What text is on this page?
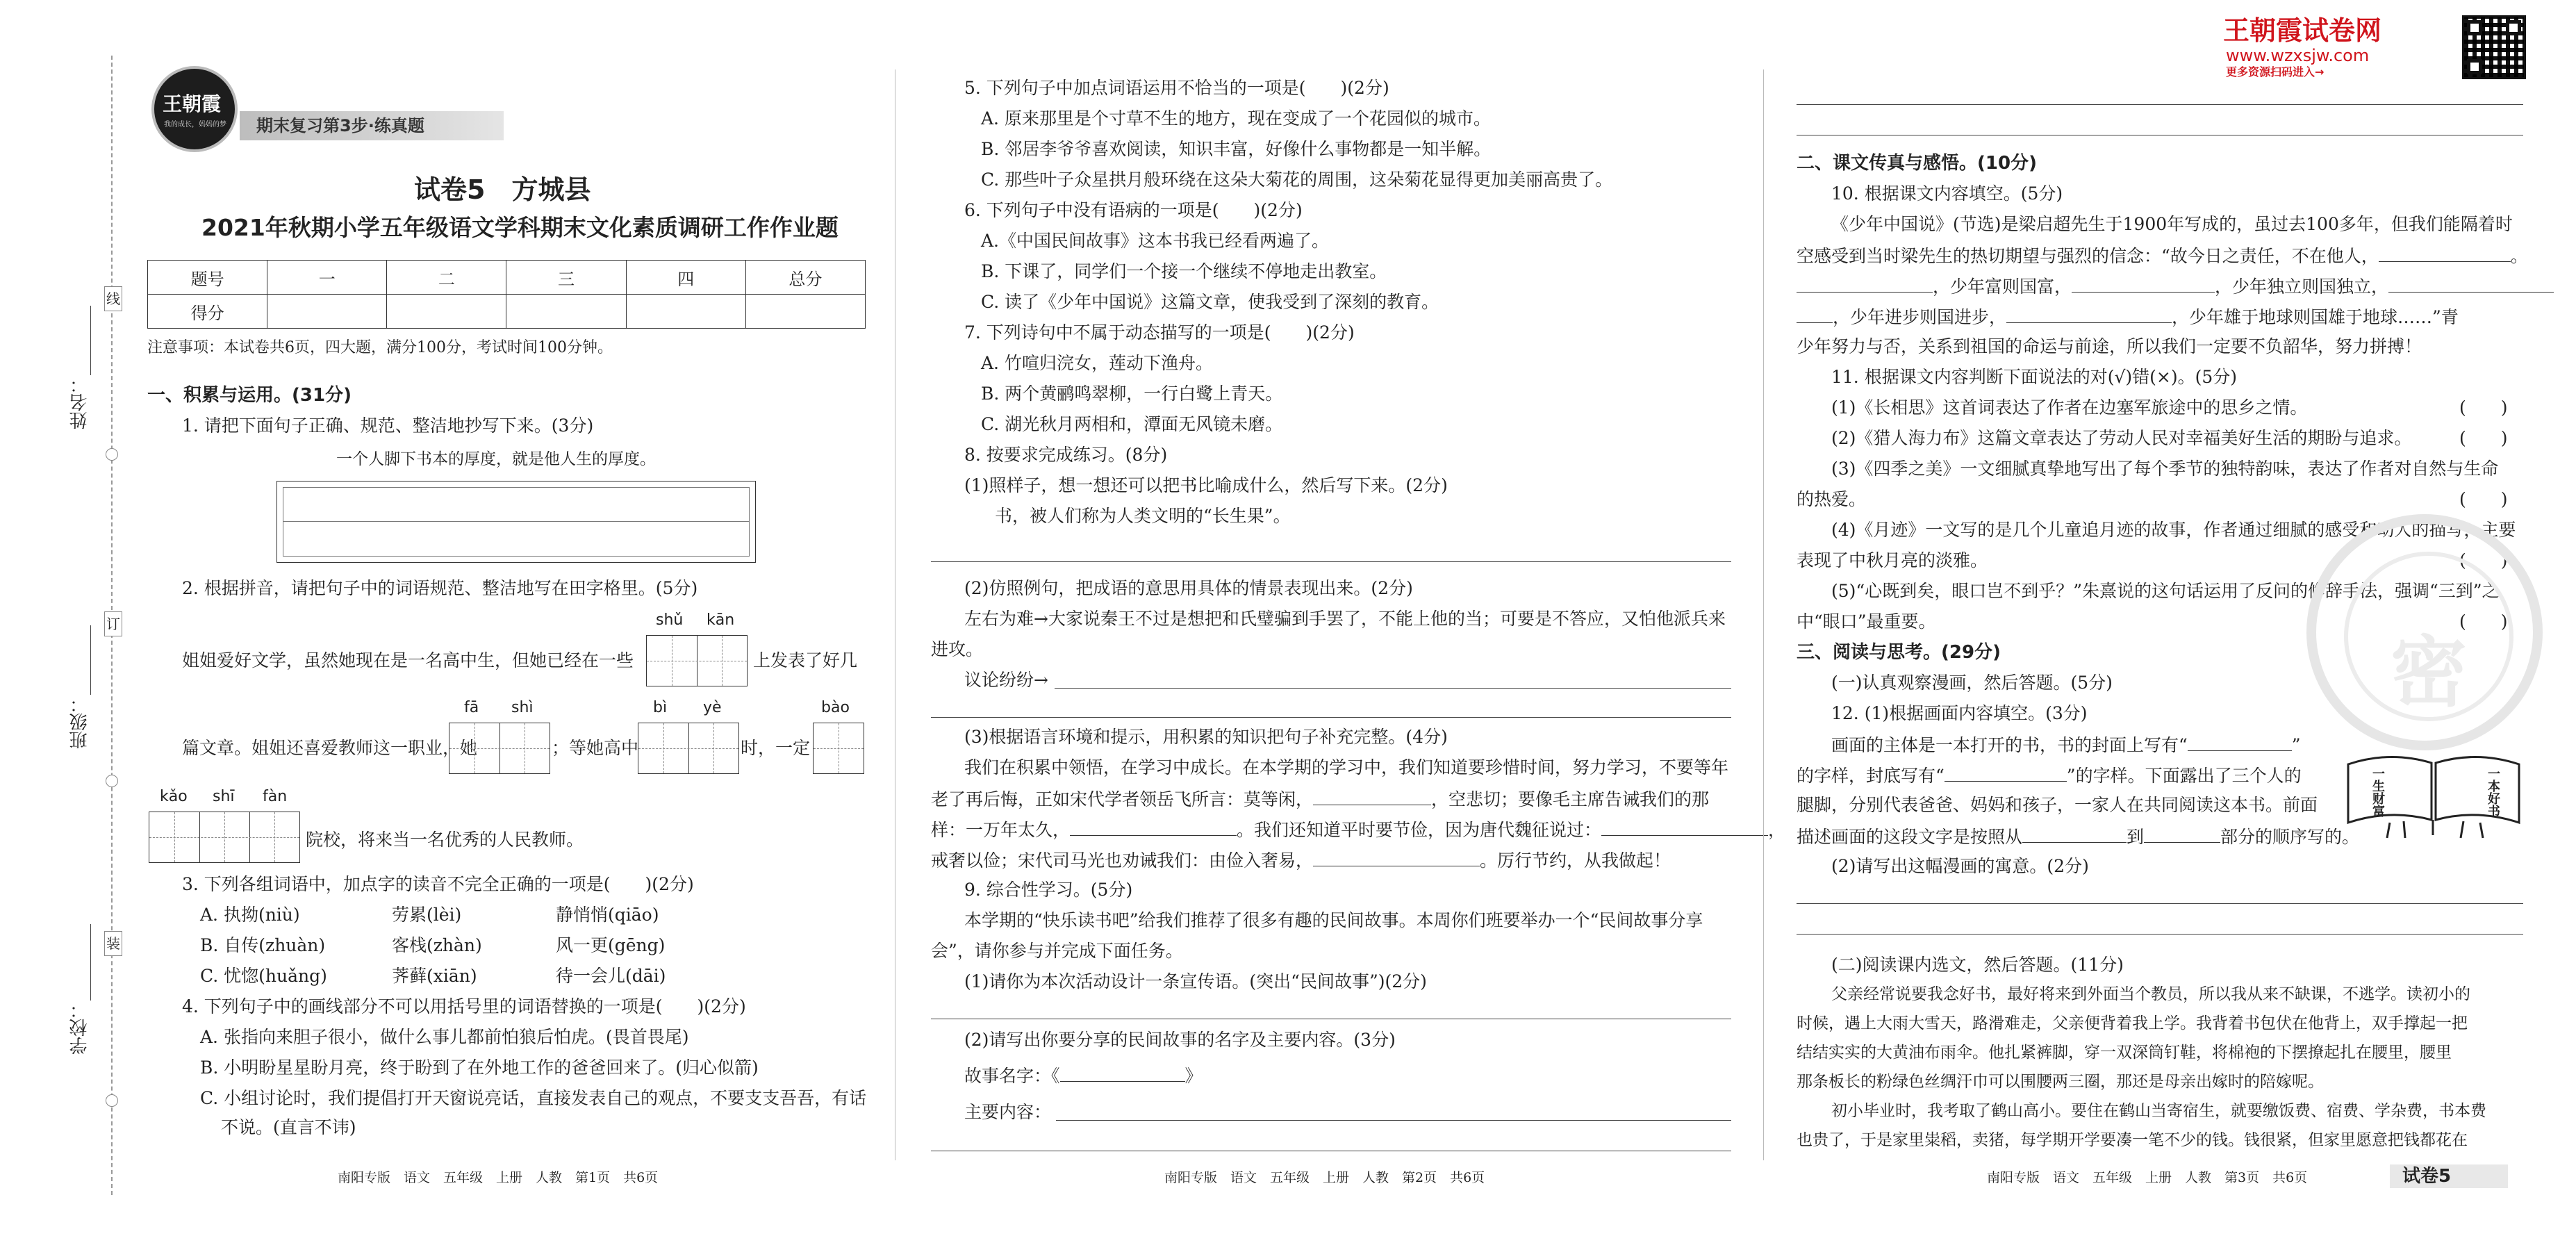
线
订
装
姓名：
班级：
学校：
王朝霞
我的成长，妈妈的梦 期末复习第3步·练真题
试卷5　方城县
2021年秋期小学五年级语文学科期末文化素质调研工作作业题
题号	一	二	三	四	总分
得分					
注意事项：本试卷共6页，四大题，满分100分，考试时间100分钟。
一、积累与运用。(31分)
1. 请把下面句子正确、规范、整洁地抄写下来。(3分)
一个人脚下书本的厚度，就是他人生的厚度。
2. 根据拼音，请把句子中的词语规范、整洁地写在田字格里。(5分)
shǔ kān
姐姐爱好文学，虽然她现在是一名高中生，但她已经在一些	上发表了好几
fā shì	bì yè	bào
篇文章。姐姐还喜爱教师这一职业，她	；等她高中	时，一定
kǎo shī fàn
院校，将来当一名优秀的人民教师。
3. 下列各组词语中，加点字的读音不完全正确的一项是(　　)(2分)
A. 执拗(niù)	劳累(lèi)	静悄悄(qiāo)
B. 自传(zhuàn)	客栈(zhàn)	风一更(gēng)
C. 忧惚(huǎng)	荠藓(xiān)	待一会儿(dāi)
4. 下列句子中的画线部分不可以用括号里的词语替换的一项是(　　)(2分)
A. 张指向来胆子很小，做什么事儿都前怕狼后怕虎。(畏首畏尾)
B. 小明盼星星盼月亮，终于盼到了在外地工作的爸爸回来了。(归心似箭)
C. 小组讨论时，我们提倡打开天窗说亮话，直接发表自己的观点，不要支支吾吾，有话
不说。(直言不讳)
南阳专版　语文　五年级　上册　人教　第1页　共6页
5. 下列句子中加点词语运用不恰当的一项是(　　)(2分)
A. 原来那里是个寸草不生的地方，现在变成了一个花园似的城市。
B. 邻居李爷爷喜欢阅读，知识丰富，好像什么事物都是一知半解。
C. 那些叶子众星拱月般环绕在这朵大菊花的周围，这朵菊花显得更加美丽高贵了。
6. 下列句子中没有语病的一项是(　　)(2分)
A.《中国民间故事》这本书我已经看两遍了。
B. 下课了，同学们一个接一个继续不停地走出教室。
C. 读了《少年中国说》这篇文章，使我受到了深刻的教育。
7. 下列诗句中不属于动态描写的一项是(　　)(2分)
A. 竹喧归浣女，莲动下渔舟。
B. 两个黄鹂鸣翠柳，一行白鹭上青天。
C. 湖光秋月两相和，潭面无风镜未磨。
8. 按要求完成练习。(8分)
(1)照样子，想一想还可以把书比喻成什么，然后写下来。(2分)
书，被人们称为人类文明的“长生果”。
(2)仿照例句，把成语的意思用具体的情景表现出来。(2分)
左右为难→大家说秦王不过是想把和氏璧骗到手罢了，不能上他的当；可要是不答应，又怕他派兵来
进攻。
议论纷纷→
(3)根据语言环境和提示，用积累的知识把句子补充完整。(4分)
我们在积累中领悟，在学习中成长。在本学期的学习中，我们知道要珍惜时间，努力学习，不要等年
老了再后悔，正如宋代学者领岳飞所言：莫等闲，	，空悲切；要像毛主席告诫我们的那
样：一万年太久，	。我们还知道平时要节俭，因为唐代魏征说过：	，
戒奢以俭；宋代司马光也劝诫我们：由俭入奢易，	。厉行节约，从我做起！
9. 综合性学习。(5分)
本学期的“快乐读书吧”给我们推荐了很多有趣的民间故事。本周你们班要举办一个“民间故事分享
会”，请你参与并完成下面任务。
(1)请你为本次活动设计一条宣传语。(突出“民间故事”)(2分)
(2)请写出你要分享的民间故事的名字及主要内容。(3分)
故事名字：《	》
主要内容：
南阳专版　语文　五年级　上册　人教　第2页　共6页
王朝霞试卷网
www.wzxsjw.com
更多资源扫码进入→
二、课文传真与感悟。(10分)
10. 根据课文内容填空。(5分)
《少年中国说》(节选)是梁启超先生于1900年写成的，虽过去100多年，但我们能隔着时
空感受到当时梁先生的热切期望与强烈的信念：“故今日之责任，不在他人，	。
，少年富则国富，	，少年独立则国独立，
，少年进步则国进步，	，少年雄于地球则国雄于地球……”青
少年努力与否，关系到祖国的命运与前途，所以我们一定要不负韶华，努力拼搏！
11. 根据课文内容判断下面说法的对(√)错(×)。(5分)
(1)《长相思》这首词表达了作者在边塞军旅途中的思乡之情。	(　　)
(2)《猎人海力布》这篇文章表达了劳动人民对幸福美好生活的期盼与追求。	(　　)
(3)《四季之美》一文细腻真挚地写出了每个季节的独特韵味，表达了作者对自然与生命
的热爱。	(　　)
(4)《月迹》一文写的是几个儿童追月迹的故事，作者通过细腻的感受和动人的描写，主要
表现了中秋月亮的淡雅。	(　　)
(5)“心既到矣，眼口岂不到乎？”朱熹说的这句话运用了反问的修辞手法，强调“三到”之
中“眼口”最重要。	(　　)
密
三、阅读与思考。(29分)
(一)认真观察漫画，然后答题。(5分)
12. (1)根据画面内容填空。(3分)
画面的主体是一本打开的书，书的封面上写有“	”
的字样，封底写有“	”的字样。下面露出了三个人的
腿脚，分别代表爸爸、妈妈和孩子，一家人在共同阅读这本书。前面
描述画面的这段文字是按照从	到	部分的顺序写的。
一生财富	一本好书
(2)请写出这幅漫画的寓意。(2分)
(二)阅读课内选文，然后答题。(11分)
父亲经常说要我念好书，最好将来到外面当个教员，所以我从来不缺课，不逃学。读初小的
时候，遇上大雨大雪天，路滑难走，父亲便背着我上学。我背着书包伏在他背上，双手撑起一把
结结实实的大黄油布雨伞。他扎紧裤脚，穿一双深筒钉鞋，将棉袍的下摆撩起扎在腰里，腰里
那条板长的粉绿色丝绸汗巾可以围腰两三圈，那还是母亲出嫁时的陪嫁呢。
初小毕业时，我考取了鹤山高小。要住在鹤山当寄宿生，就要缴饭费、宿费、学杂费，书本费
也贵了，于是家里粜稻，卖猪，每学期开学要凑一笔不少的钱。钱很紧，但家里愿意把钱都花在
南阳专版　语文　五年级　上册　人教　第3页　共6页	试卷5
